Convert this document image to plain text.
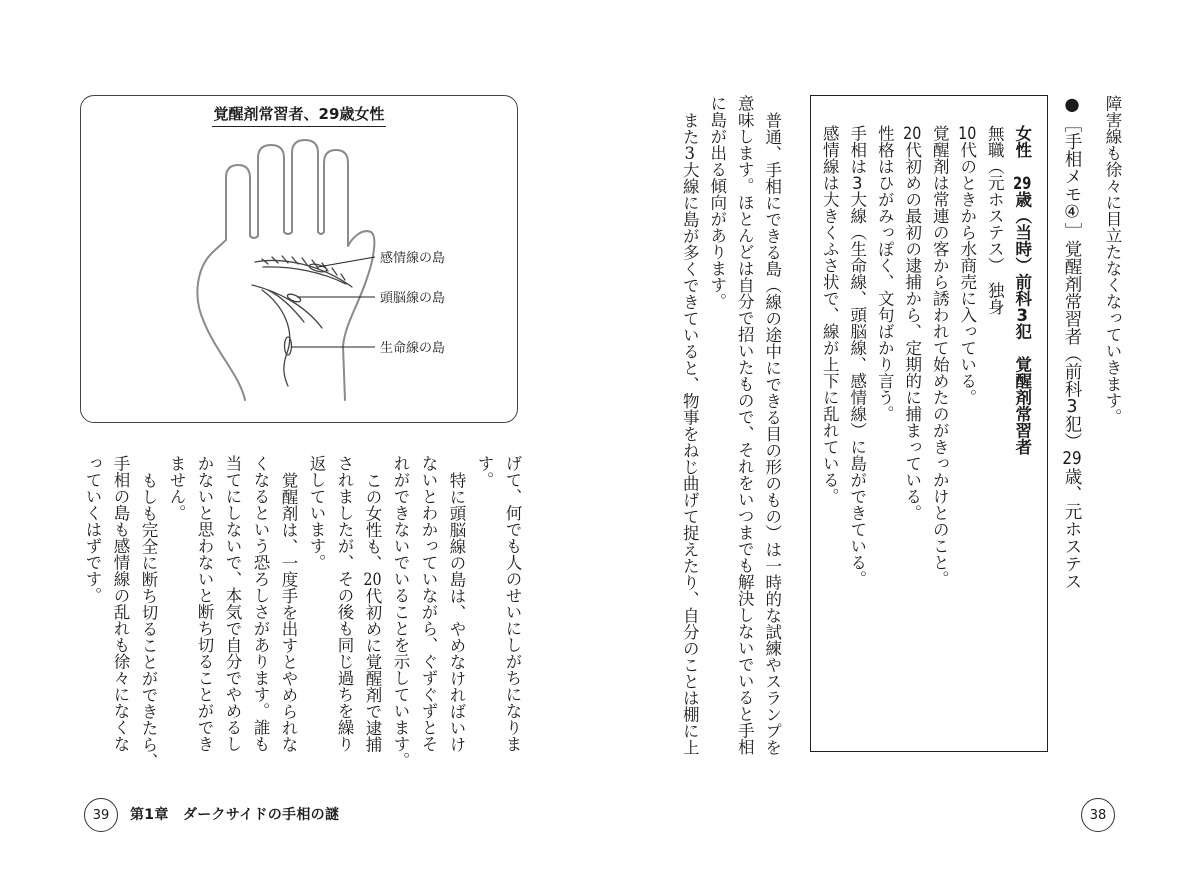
障害線も徐々に目立たなくなっていきます。
●［手相メモ④］覚醒剤常習者（前科3犯）29歳、元ホステス
女性　29歳（当時）前科3犯　覚醒剤常習者
無職（元ホステス）　独身
10代のときから水商売に入っている。
覚醒剤は常連の客から誘われて始めたのがきっかけとのこと。
20代初めの最初の逮捕から、定期的に捕まっている。
性格はひがみっぽく、文句ばかり言う。
手相は3大線（生命線、頭脳線、感情線）に島ができている。
感情線は大きくふさ状で、線が上下に乱れている。
普通、手相にできる島（線の途中にできる目の形のもの）は一時的な試練やスランプを
意味します。ほとんどは自分で招いたもので、それをいつまでも解決しないでいると手相
に島が出る傾向があります。
また3大線に島が多くできていると、物事をねじ曲げて捉えたり、自分のことは棚に上
38
覚醒剤常習者、29歳女性
感情線の島
頭脳線の島
生命線の島
げて、何でも人のせいにしがちになりま
す。
特に頭脳線の島は、やめなければいけ
ないとわかっていながら、ぐずぐずとそ
れができないでいることを示しています。
この女性も、20代初めに覚醒剤で逮捕
されましたが、その後も同じ過ちを繰り
返しています。
覚醒剤は、一度手を出すとやめられな
くなるという恐ろしさがあります。誰も
当てにしないで、本気で自分でやめるし
かないと思わないと断ち切ることができ
ません。
もしも完全に断ち切ることができたら、
手相の島も感情線の乱れも徐々になくな
っていくはずです。
39 第1章　ダークサイドの手相の謎
